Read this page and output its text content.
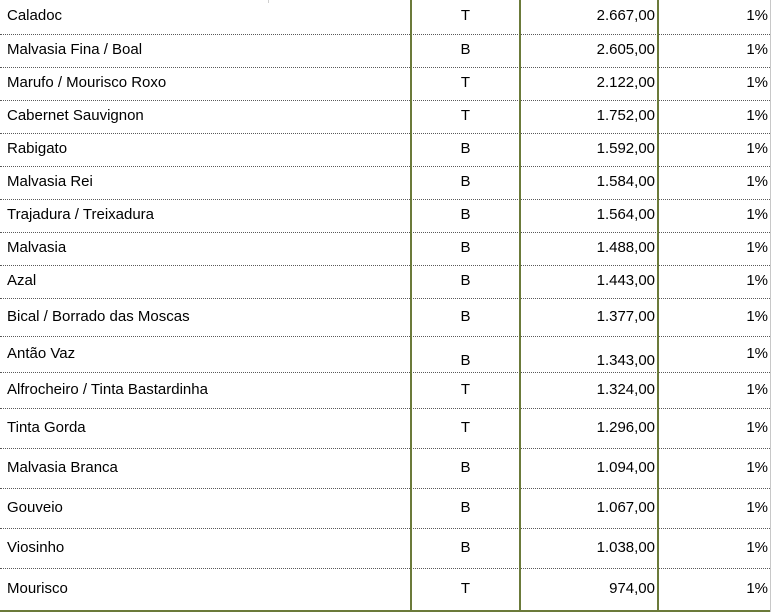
Caladoc	T	2.667,00	1%
Malvasia Fina / Boal	B	2.605,00	1%
Marufo / Mourisco Roxo	T	2.122,00	1%
Cabernet Sauvignon	T	1.752,00	1%
Rabigato	B	1.592,00	1%
Malvasia Rei	B	1.584,00	1%
Trajadura / Treixadura	B	1.564,00	1%
Malvasia	B	1.488,00	1%
Azal	B	1.443,00	1%
Bical / Borrado das Moscas	B	1.377,00	1%
Antão Vaz	B	1.343,00	1%
Alfrocheiro / Tinta Bastardinha	T	1.324,00	1%
Tinta Gorda	T	1.296,00	1%
Malvasia Branca	B	1.094,00	1%
Gouveio	B	1.067,00	1%
Viosinho	B	1.038,00	1%
Mourisco	T	974,00	1%
